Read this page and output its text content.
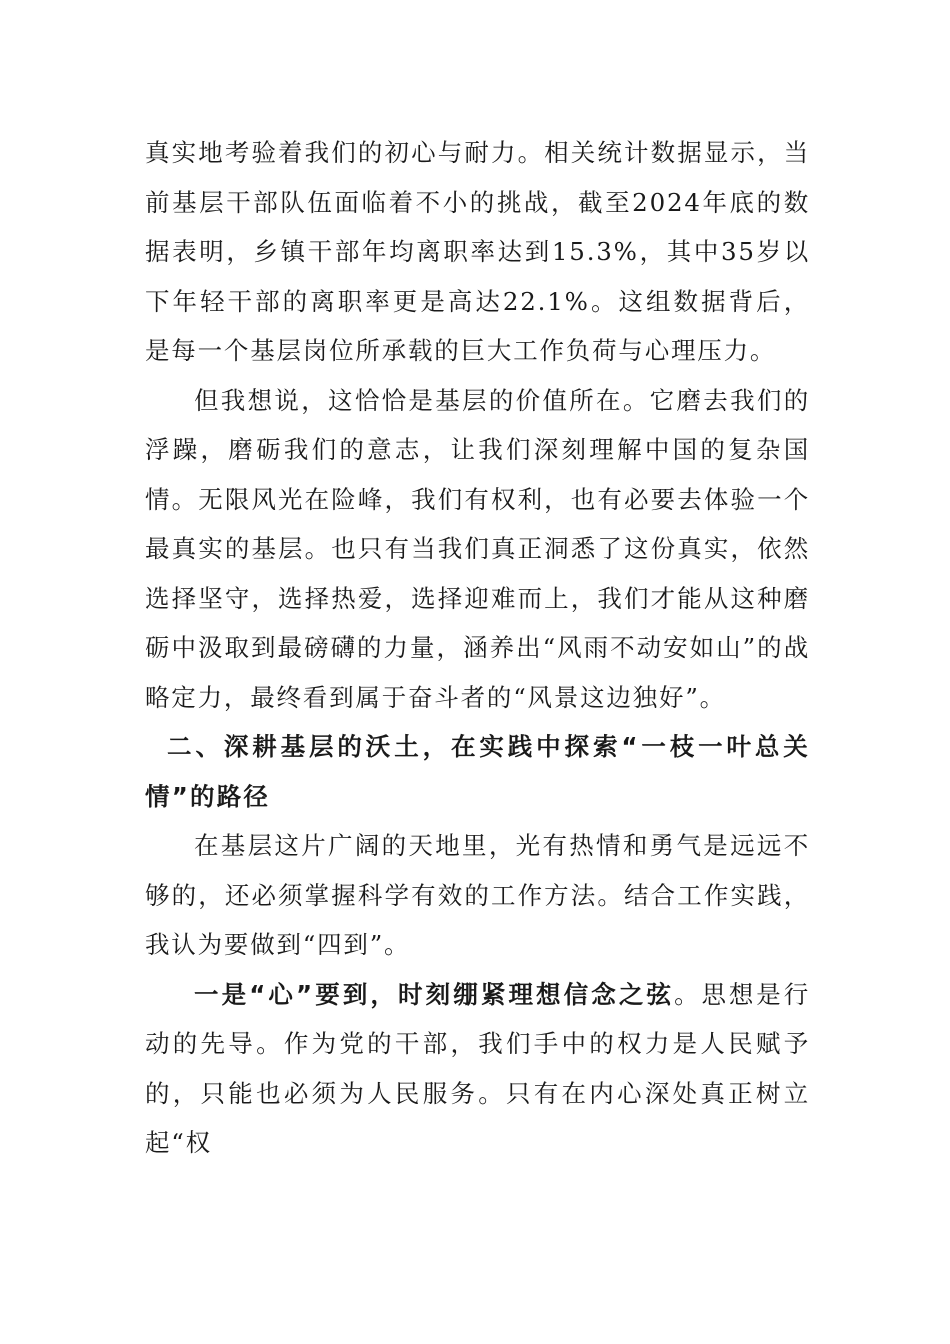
真实地考验着我们的初心与耐力。相关统计数据显示，当前基层干部队伍面临着不小的挑战，截至2024年底的数据表明，乡镇干部年均离职率达到15.3%，其中35岁以下年轻干部的离职率更是高达22.1%。这组数据背后，是每一个基层岗位所承载的巨大工作负荷与心理压力。

但我想说，这恰恰是基层的价值所在。它磨去我们的浮躁，磨砺我们的意志，让我们深刻理解中国的复杂国情。无限风光在险峰，我们有权利，也有必要去体验一个最真实的基层。也只有当我们真正洞悉了这份真实，依然选择坚守，选择热爱，选择迎难而上，我们才能从这种磨砺中汲取到最磅礴的力量，涵养出“风雨不动安如山”的战略定力，最终看到属于奋斗者的“风景这边独好”。

二、深耕基层的沃土，在实践中探索“一枝一叶总关情”的路径

在基层这片广阔的天地里，光有热情和勇气是远远不够的，还必须掌握科学有效的工作方法。结合工作实践，我认为要做到“四到”。

一是“心”要到，时刻绷紧理想信念之弦。思想是行动的先导。作为党的干部，我们手中的权力是人民赋予的，只能也必须为人民服务。只有在内心深处真正树立起“权
